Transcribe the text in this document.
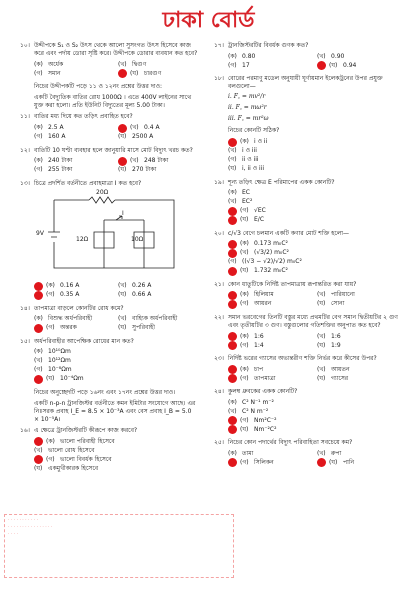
ঢাকা বোর্ড
১০। উদ্দীপকে S₁ ও S₂ উৎস থেকে আলো সুসংগত উৎস হিসেবে কাজ করে এবং পর্দায় ডোরা সৃষ্টি করে। উদ্দীপকে ডোরার ব্যবধান কত হবে?
(ক) অর্ধেক	(খ) দ্বিগুণ
(গ) সমান	(ঘ) চারগুণ
নিচের উদ্দীপকটি পড়ে ১১ ও ১২নং প্রশ্নের উত্তর দাও:
একটি বৈদ্যুতিক বাতির রোধ 1000Ω । এতে 400V লাইনের সাথে যুক্ত করা হলো। প্রতি ইউনিট বিদ্যুতের মূল্য 5.00 টাকা।
১১। বাতির মধ্য দিয়ে কত তড়িৎ প্রবাহিত হবে?
(ক) 2.5 A	(খ) 0.4 A
(গ) 160 A	(ঘ) 2500 A
১২। বাতিটি 10 ঘণ্টা ব্যবহার হলে জানুয়ারি মাসে মোট বিদ্যুৎ খরচ কত?
(ক) 240 টাকা	(খ) 248 টাকা
(গ) 255 টাকা	(ঘ) 270 টাকা
১৩। চিত্রে প্রদর্শিত বর্তনীতে প্রবাহমাত্রা I কত হবে?
20Ω
12Ω	10Ω
9V
I
(ক) 0.16 A	(খ) 0.26 A
(গ) 0.35 A	(ঘ) 0.66 A
১৪। তাপমাত্রা বাড়লে কোনটির রোধ কমে?
(ক) বিশুদ্ধ অর্ধপরিবাহী	(খ) বাহ্যিক অর্ধপরিবাহী
(গ) অন্তরক	(ঘ) সুপরিবাহী
১৫। অর্ধপরিবাহীর আপেক্ষিক রোধের মান কত?
(ক) 10¹⁰Ωm
(খ) 10¹²Ωm
(গ) 10⁻⁸Ωm
(ঘ) 10⁻⁴Ωm
নিচের অনুচ্ছেদটি পড়ে ১৬নং এবং ১৭নং প্রশ্নের উত্তর দাও।
একটি n-p-n ট্রানজিস্টর বর্তনীতে কমন ইমিটার সংযোগে আছে। এর নিঃসরক প্রবাহ I_E = 8.5 × 10⁻³A এবং বেস প্রবাহ I_B = 5.0 × 10⁻⁵A।
১৬। এ ক্ষেত্রে ট্রানজিস্টরটি কীরূপে কাজ করবে?
(ক) ভালো পরিবাহী হিসেবে
(খ) ভালো রোধ হিসেবে
(গ) ভালো বিবর্ধক হিসেবে
(ঘ) একমুখীকারক হিসেবে
১৭। ট্রানজিস্টরটির বিবর্ধক গুণক কত?
(ক) 0.80	(খ) 0.90
(গ) 17	(ঘ) 0.94
১৮। বোরের পরমাণু মডেল অনুযায়ী ঘূর্ণায়মান ইলেকট্রনের উপর প্রযুক্ত বলগুলো—
i. F꜀ = mv²/r
ii. F꜀ = mω²r
iii. F꜀ = mr²ω
নিচের কোনটি সঠিক?
(ক) i ও ii
(খ) i ও iii
(গ) ii ও iii
(ঘ) i, ii ও iii
১৯। শূন্য তড়িৎ ক্ষেত্র E পরিমাপের একক কোনটি?
(ক) EC
(খ) EC²
(গ) √EC
(ঘ) E/C
২০। c/√3 বেগে চলমান একটি কণার মোট শক্তি হলো—
(ক) 0.173 m₀C²
(খ) (√3/2) m₀C²
(গ) ((√3 − √2)/√2) m₀C²
(ঘ) 1.732 m₀C²
২১। কোন ধাতুটিকে নির্দিষ্ট তাপমাত্রায় রূপান্তরিত করা যায়?
(ক) হিলিয়াম	(খ) পারিয়ানো
(গ) আয়রন	(ঘ) সোনা
২২। সমান ভরবেগের তিনটি বস্তুর মধ্যে প্রথমটির বেগ সমান দ্বিতীয়টির ২ গুণ এবং তৃতীয়টির ৩ গুণ। বস্তুগুলোর গতিশক্তির অনুপাত কত হবে?
(ক) 1:6	(খ) 1:6
(গ) 1:4	(ঘ) 1:9
২৩। নির্দিষ্ট ভরের গ্যাসের অভ্যন্তরীণ শক্তি নির্ভর করে কীসের উপর?
(ক) চাপ	(খ) আয়তন
(গ) তাপমাত্রা	(ঘ) গ্যাসের
২৪। কুলম্ব ধ্রুবকের একক কোনটি?
(ক) C² N⁻¹ m⁻²
(খ) C² N m⁻²
(গ) Nm²C⁻²
(ঘ) Nm⁻²C²
২৫। নিচের কোন পদার্থের বিদ্যুৎ পরিবাহিতা সবচেয়ে কম?
(ক) তামা	(খ) রুপা
(গ) সিলিকন	(ঘ) পানি
· · · · · · · · · · ·
· · · · · · · · · · · · · · · ·
· · · ·
